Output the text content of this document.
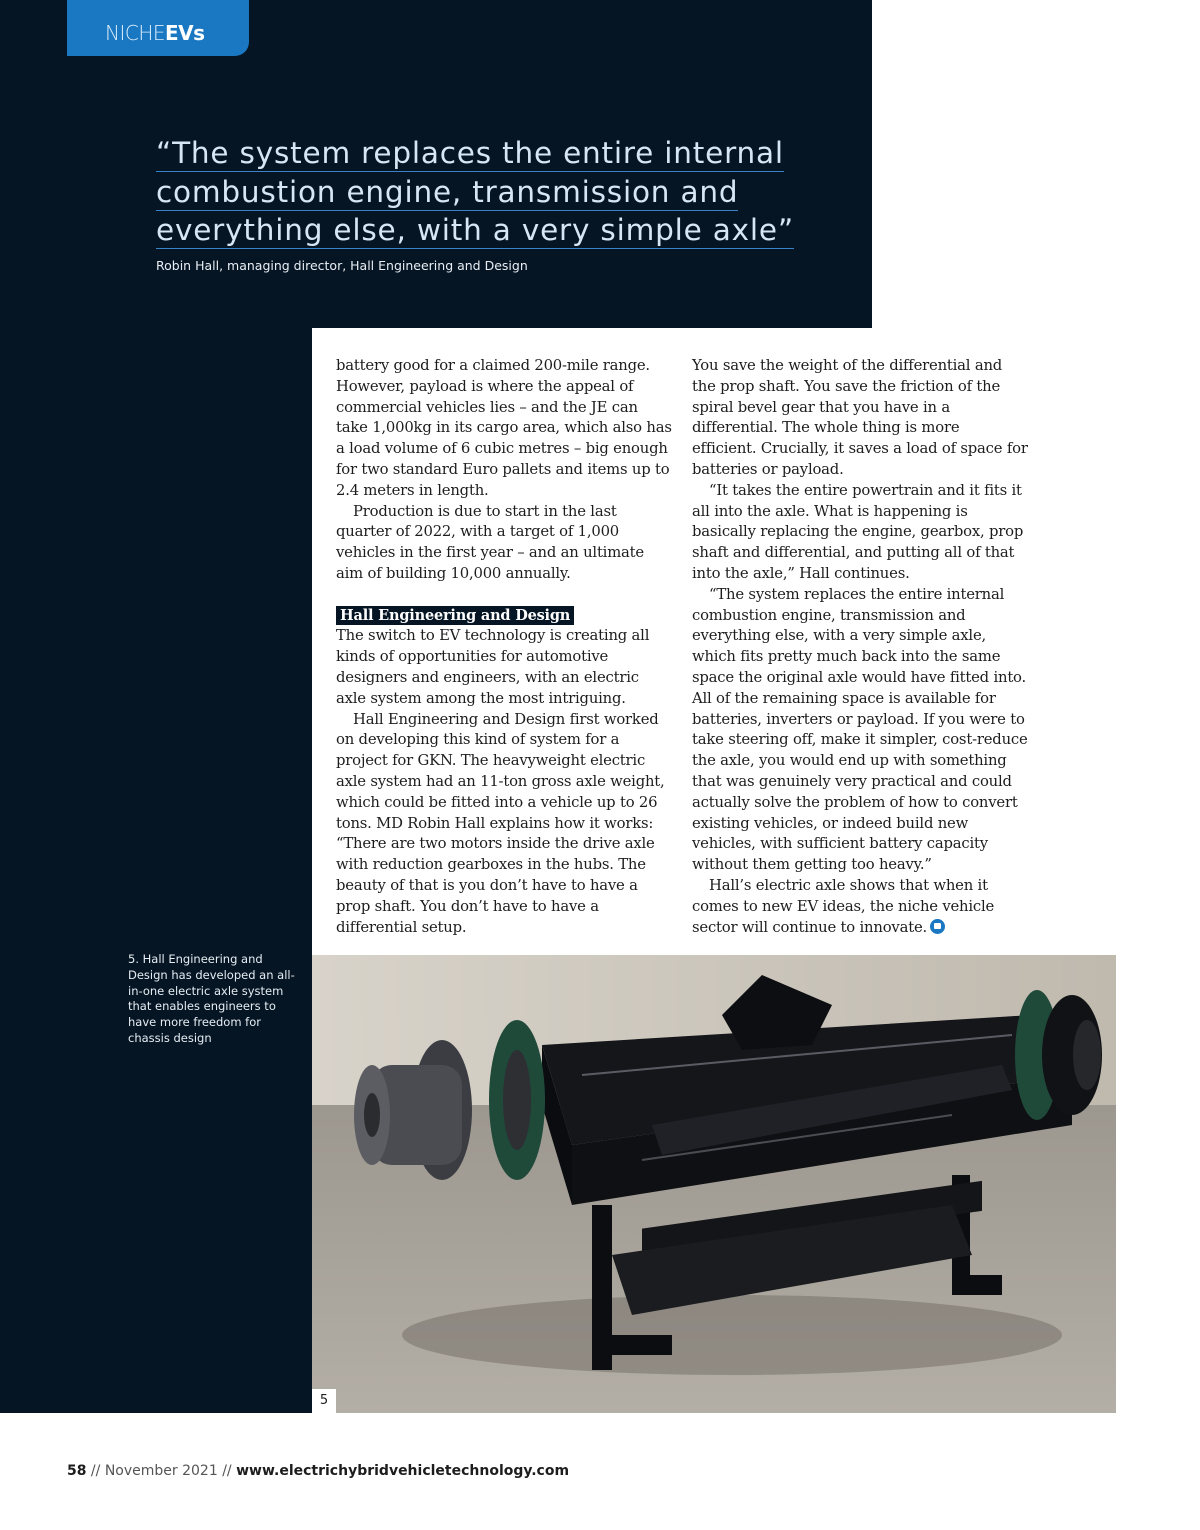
NICHEEVs
“The system replaces the entire internal
combustion engine, transmission and
everything else, with a very simple axle”
Robin Hall, managing director, Hall Engineering and Design

battery good for a claimed 200-mile range. However, payload is where the appeal of commercial vehicles lies – and the JE can take 1,000kg in its cargo area, which also has a load volume of 6 cubic metres – big enough for two standard Euro pallets and items up to 2.4 meters in length.

Production is due to start in the last quarter of 2022, with a target of 1,000 vehicles in the first year – and an ultimate aim of building 10,000 annually.

Hall Engineering and Design

The switch to EV technology is creating all kinds of opportunities for automotive designers and engineers, with an electric axle system among the most intriguing.

Hall Engineering and Design first worked on developing this kind of system for a project for GKN. The heavyweight electric axle system had an 11-ton gross axle weight, which could be fitted into a vehicle up to 26 tons. MD Robin Hall explains how it works: “There are two motors inside the drive axle with reduction gearboxes in the hubs. The beauty of that is you don’t have to have a prop shaft. You don’t have to have a differential setup.

You save the weight of the differential and the prop shaft. You save the friction of the spiral bevel gear that you have in a differential. The whole thing is more efficient. Crucially, it saves a load of space for batteries or payload.

“It takes the entire powertrain and it fits it all into the axle. What is happening is basically replacing the engine, gearbox, prop shaft and differential, and putting all of that into the axle,” Hall continues.

“The system replaces the entire internal combustion engine, transmission and everything else, with a very simple axle, which fits pretty much back into the same space the original axle would have fitted into. All of the remaining space is available for batteries, inverters or payload. If you were to take steering off, make it simpler, cost-reduce the axle, you would end up with something that was genuinely very practical and could actually solve the problem of how to convert existing vehicles, or indeed build new vehicles, with sufficient battery capacity without them getting too heavy.”

Hall’s electric axle shows that when it comes to new EV ideas, the niche vehicle sector will continue to innovate.

5. Hall Engineering and Design has developed an all-in-one electric axle system that enables engineers to have more freedom for chassis design
5
58 // November 2021 // www.electrichybridvehicletechnology.com
